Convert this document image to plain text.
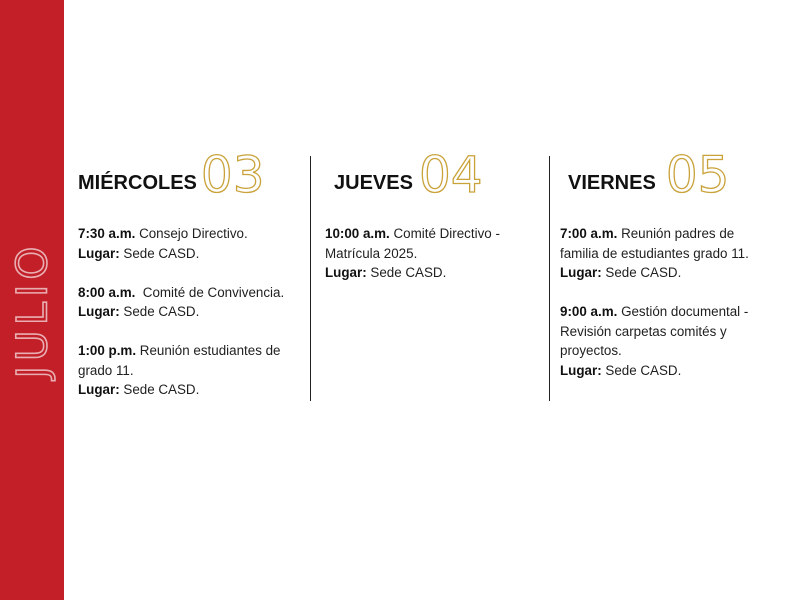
JULIO
MIÉRCOLES 03
7:30 a.m. Consejo Directivo.
Lugar: Sede CASD.
8:00 a.m.  Comité de Convivencia.
Lugar: Sede CASD.
1:00 p.m. Reunión estudiantes de grado 11.
Lugar: Sede CASD.
JUEVES 04
10:00 a.m. Comité Directivo - Matrícula 2025.
Lugar: Sede CASD.
VIERNES 05
7:00 a.m. Reunión padres de familia de estudiantes grado 11.
Lugar: Sede CASD.
9:00 a.m. Gestión documental - Revisión carpetas comités y proyectos.
Lugar: Sede CASD.
